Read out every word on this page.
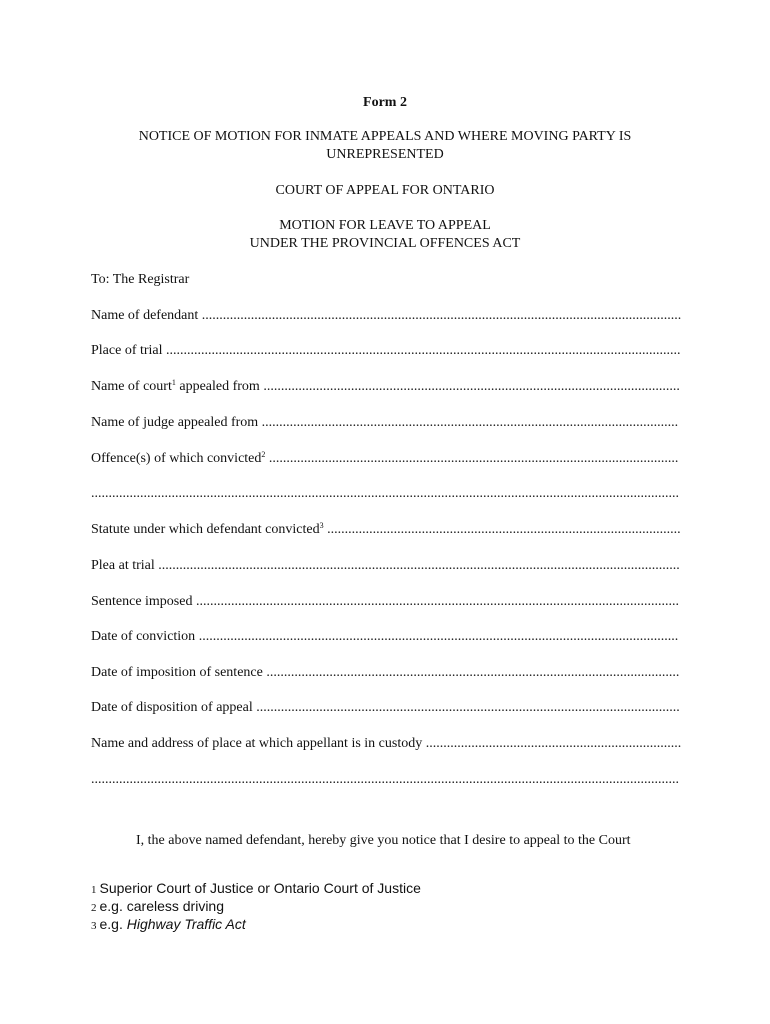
Form 2
NOTICE OF MOTION FOR INMATE APPEALS AND WHERE MOVING PARTY IS
UNREPRESENTED
COURT OF APPEAL FOR ONTARIO
MOTION FOR LEAVE TO APPEAL
UNDER THE PROVINCIAL OFFENCES ACT
To: The Registrar
Name of defendant .........................................................................................................................................
Place of trial ...................................................................................................................................................
Name of court$^1$ appealed from .......................................................................................................................
Name of judge appealed from .......................................................................................................................
Offence(s) of which convicted$^2$ .....................................................................................................................
........................................................................................................................................................................
Statute under which defendant convicted$^3$ .....................................................................................................
Plea at trial .....................................................................................................................................................
Sentence imposed ..........................................................................................................................................
Date of conviction .........................................................................................................................................
Date of imposition of sentence ......................................................................................................................
Date of disposition of appeal .........................................................................................................................
Name and address of place at which appellant is in custody .........................................................................
........................................................................................................................................................................
I, the above named defendant, hereby give you notice that I desire to appeal to the Court
1 Superior Court of Justice or Ontario Court of Justice
2 e.g. careless driving
3 e.g. Highway Traffic Act
